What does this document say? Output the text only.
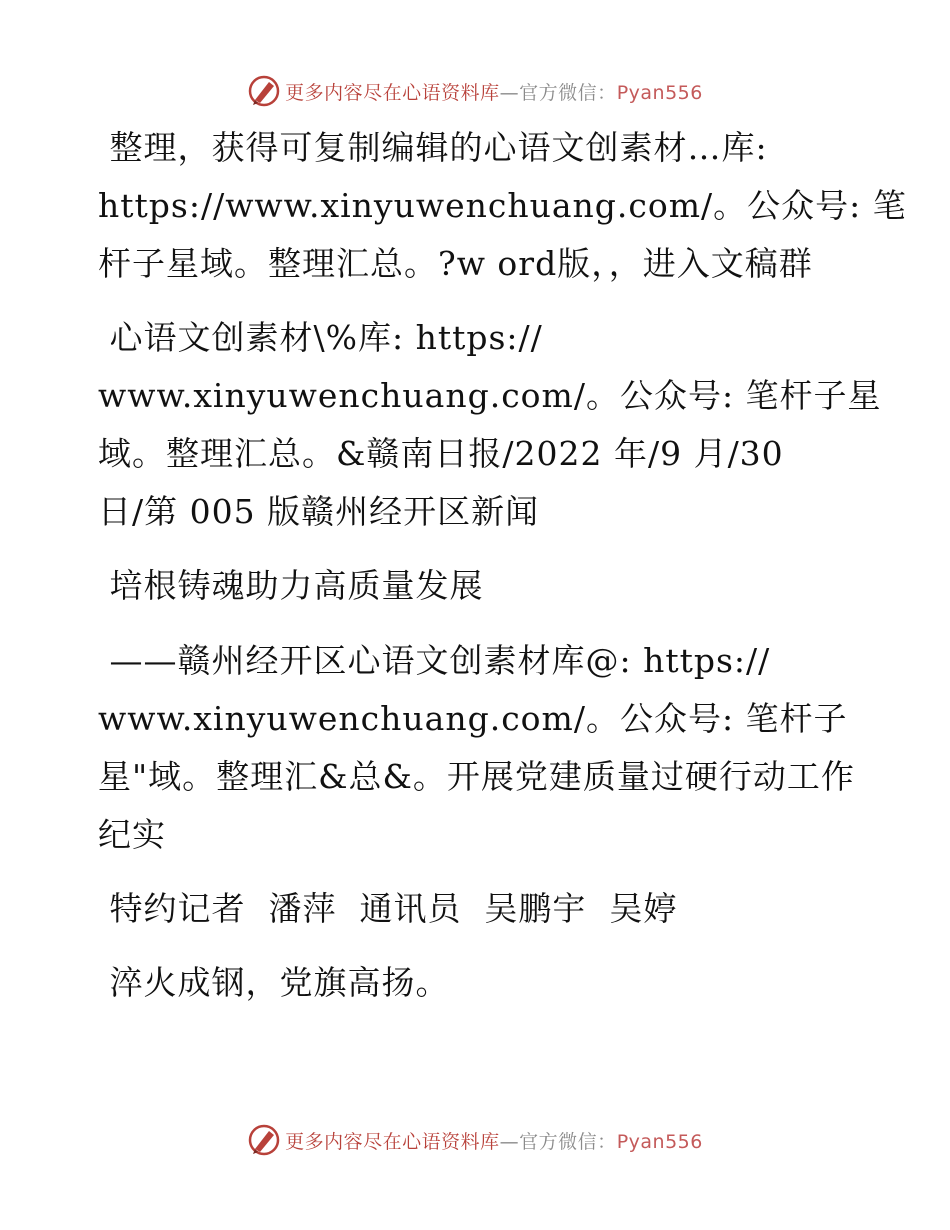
更多内容尽在心语资料库—官方微信：Pyan556
整理，获得可复制编辑的心语文创素材…库:
https://www.xinyuwenchuang.com/。公众号: 笔
杆子星域。整理汇总。?w ord版，，进入文稿群
心语文创素材\%库: https://
www.xinyuwenchuang.com/。公众号: 笔杆子星
域。整理汇总。&赣南日报/2022 年/9 月/30
日/第 005 版赣州经开区新闻
培根铸魂助力高质量发展
——赣州经开区心语文创素材库@: https://
www.xinyuwenchuang.com/。公众号: 笔杆子
星"域。整理汇&总&。开展党建质量过硬行动工作
纪实
特约记者  潘萍  通讯员  吴鹏宇  吴婷
淬火成钢，党旗高扬。
更多内容尽在心语资料库—官方微信：Pyan556
